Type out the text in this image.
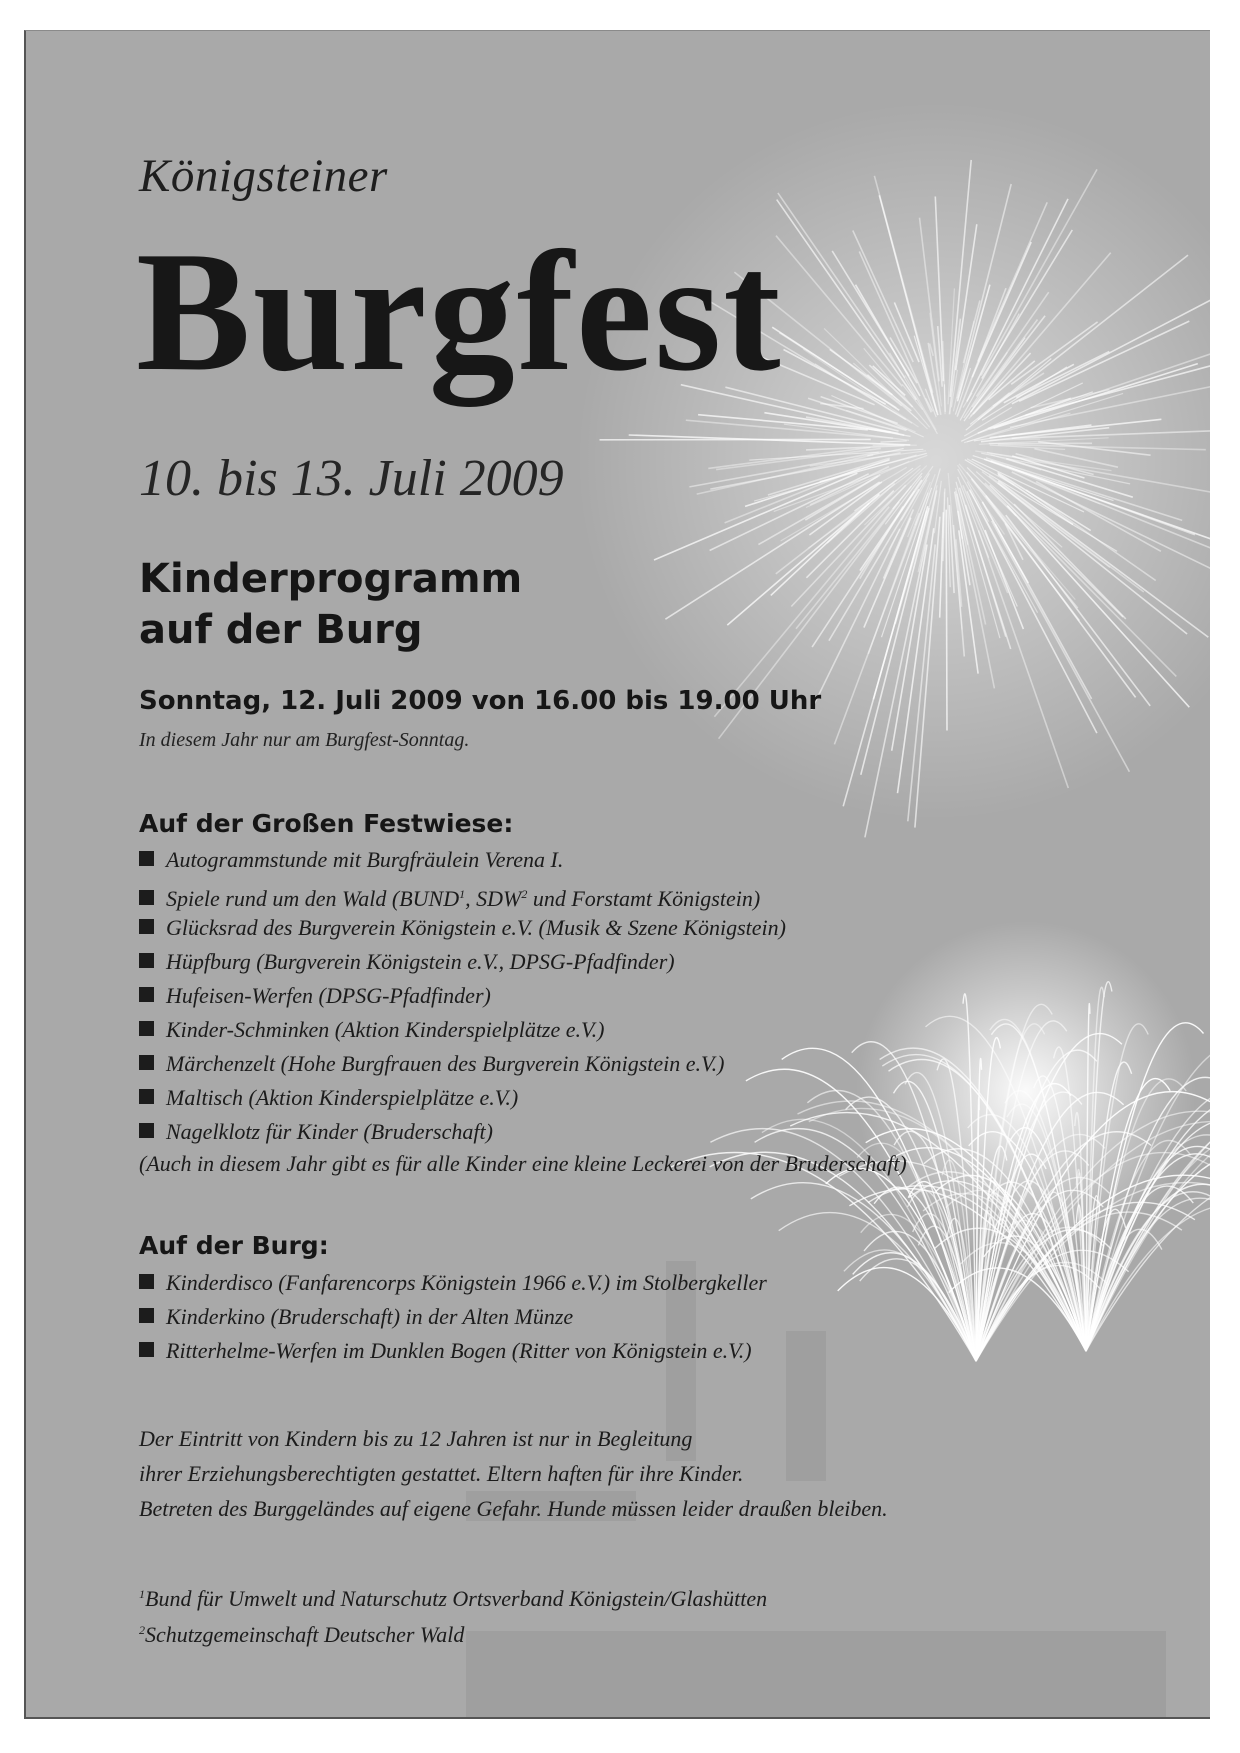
Königsteiner
Burgfest
10. bis 13. Juli 2009
Kinderprogramm
auf der Burg
Sonntag, 12. Juli 2009 von 16.00 bis 19.00 Uhr
In diesem Jahr nur am Burgfest-Sonntag.
Auf der Großen Festwiese:
Autogrammstunde mit Burgfräulein Verena I.
Spiele rund um den Wald (BUND$^1$, SDW$^2$ und Forstamt Königstein)
Glücksrad des Burgverein Königstein e.V. (Musik & Szene Königstein)
Hüpfburg (Burgverein Königstein e.V., DPSG-Pfadfinder)
Hufeisen-Werfen (DPSG-Pfadfinder)
Kinder-Schminken (Aktion Kinderspielplätze e.V.)
Märchenzelt (Hohe Burgfrauen des Burgverein Königstein e.V.)
Maltisch (Aktion Kinderspielplätze e.V.)
Nagelklotz für Kinder (Bruderschaft)
(Auch in diesem Jahr gibt es für alle Kinder eine kleine Leckerei von der Bruderschaft)
Auf der Burg:
Kinderdisco (Fanfarencorps Königstein 1966 e.V.) im Stolbergkeller
Kinderkino (Bruderschaft) in der Alten Münze
Ritterhelme-Werfen im Dunklen Bogen (Ritter von Königstein e.V.)
Der Eintritt von Kindern bis zu 12 Jahren ist nur in Begleitung
ihrer Erziehungsberechtigten gestattet. Eltern haften für ihre Kinder.
Betreten des Burggeländes auf eigene Gefahr. Hunde müssen leider draußen bleiben.
$^1$Bund für Umwelt und Naturschutz Ortsverband Königstein/Glashütten
$^2$Schutzgemeinschaft Deutscher Wald
